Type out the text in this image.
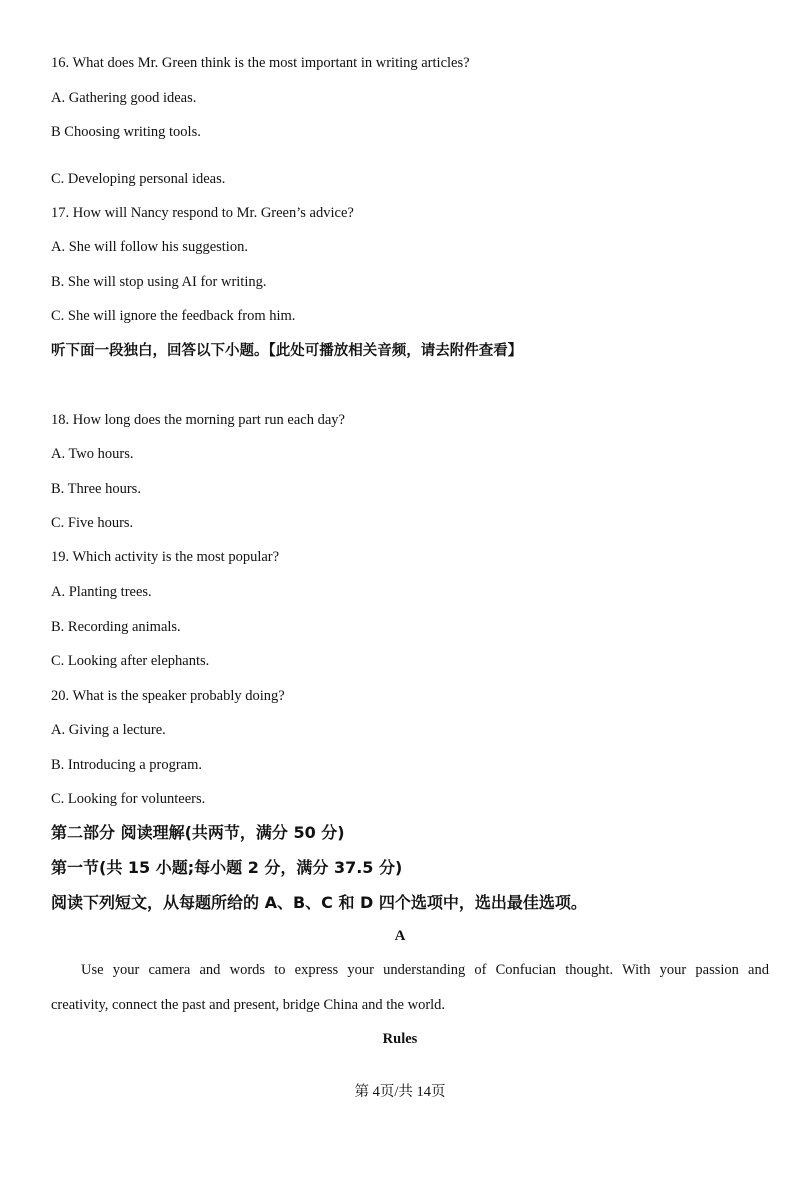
16. What does Mr. Green think is the most important in writing articles?
A. Gathering good ideas.
B Choosing writing tools.
C. Developing personal ideas.
17. How will Nancy respond to Mr. Green’s advice?
A. She will follow his suggestion.
B. She will stop using AI for writing.
C. She will ignore the feedback from him.
听下面一段独白，回答以下小题。【此处可播放相关音频，请去附件查看】
18. How long does the morning part run each day?
A. Two hours.
B. Three hours.
C. Five hours.
19. Which activity is the most popular?
A. Planting trees.
B. Recording animals.
C. Looking after elephants.
20. What is the speaker probably doing?
A. Giving a lecture.
B. Introducing a program.
C. Looking for volunteers.
第二部分 阅读理解(共两节，满分 50 分)
第一节(共 15 小题;每小题 2 分，满分 37.5 分)
阅读下列短文，从每题所给的 A、B、C 和 D 四个选项中，选出最佳选项。
A
Use your camera and words to express your understanding of Confucian thought. With your passion and
creativity, connect the past and present, bridge China and the world.
Rules
第 4页/共 14页
